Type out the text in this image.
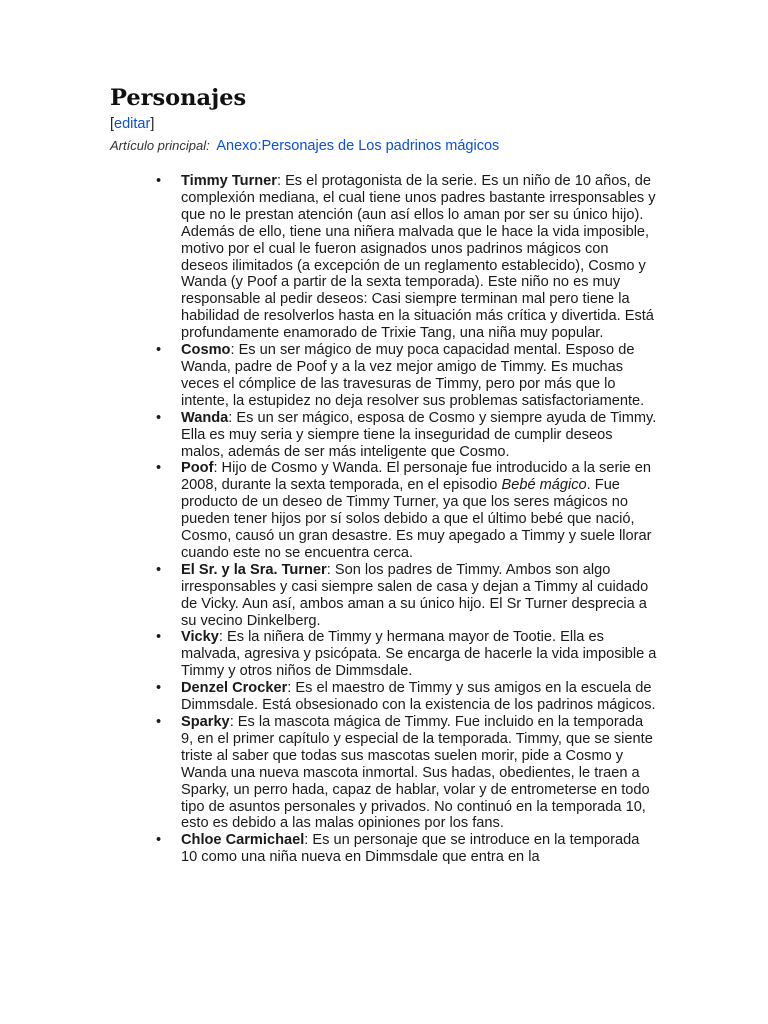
Personajes
[editar]
Artículo principal: Anexo:Personajes de Los padrinos mágicos
• Timmy Turner: Es el protagonista de la serie. Es un niño de 10 años, de complexión mediana, el cual tiene unos padres bastante irresponsables y que no le prestan atención (aun así ellos lo aman por ser su único hijo). Además de ello, tiene una niñera malvada que le hace la vida imposible, motivo por el cual le fueron asignados unos padrinos mágicos con deseos ilimitados (a excepción de un reglamento establecido), Cosmo y Wanda (y Poof a partir de la sexta temporada). Este niño no es muy responsable al pedir deseos: Casi siempre terminan mal pero tiene la habilidad de resolverlos hasta en la situación más crítica y divertida. Está profundamente enamorado de Trixie Tang, una niña muy popular.
• Cosmo: Es un ser mágico de muy poca capacidad mental. Esposo de Wanda, padre de Poof y a la vez mejor amigo de Timmy. Es muchas veces el cómplice de las travesuras de Timmy, pero por más que lo intente, la estupidez no deja resolver sus problemas satisfactoriamente.
• Wanda: Es un ser mágico, esposa de Cosmo y siempre ayuda de Timmy. Ella es muy seria y siempre tiene la inseguridad de cumplir deseos malos, además de ser más inteligente que Cosmo.
• Poof: Hijo de Cosmo y Wanda. El personaje fue introducido a la serie en 2008, durante la sexta temporada, en el episodio Bebé mágico. Fue producto de un deseo de Timmy Turner, ya que los seres mágicos no pueden tener hijos por sí solos debido a que el último bebé que nació, Cosmo, causó un gran desastre. Es muy apegado a Timmy y suele llorar cuando este no se encuentra cerca.
• El Sr. y la Sra. Turner: Son los padres de Timmy. Ambos son algo irresponsables y casi siempre salen de casa y dejan a Timmy al cuidado de Vicky. Aun así, ambos aman a su único hijo. El Sr Turner desprecia a su vecino Dinkelberg.
• Vicky: Es la niñera de Timmy y hermana mayor de Tootie. Ella es malvada, agresiva y psicópata. Se encarga de hacerle la vida imposible a Timmy y otros niños de Dimmsdale.
• Denzel Crocker: Es el maestro de Timmy y sus amigos en la escuela de Dimmsdale. Está obsesionado con la existencia de los padrinos mágicos.
• Sparky: Es la mascota mágica de Timmy. Fue incluido en la temporada 9, en el primer capítulo y especial de la temporada. Timmy, que se siente triste al saber que todas sus mascotas suelen morir, pide a Cosmo y Wanda una nueva mascota inmortal. Sus hadas, obedientes, le traen a Sparky, un perro hada, capaz de hablar, volar y de entrometerse en todo tipo de asuntos personales y privados. No continuó en la temporada 10, esto es debido a las malas opiniones por los fans.
• Chloe Carmichael: Es un personaje que se introduce en la temporada 10 como una niña nueva en Dimmsdale que entra en la
